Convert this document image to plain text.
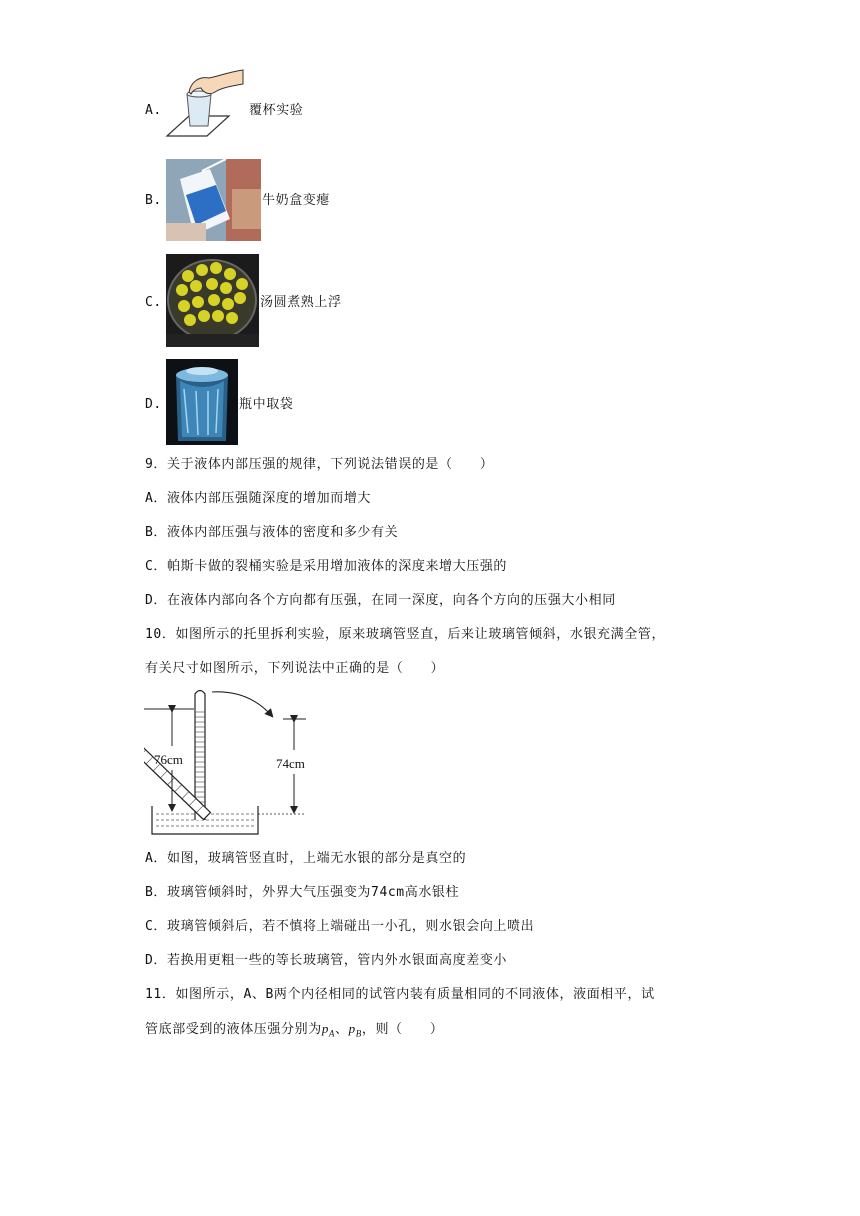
A.	覆杯实验
B.	牛奶盒变瘪
C.	汤圆煮熟上浮
D.	瓶中取袋
9．关于液体内部压强的规律，下列说法错误的是（　　）
A．液体内部压强随深度的增加而增大
B．液体内部压强与液体的密度和多少有关
C．帕斯卡做的裂桶实验是采用增加液体的深度来增大压强的
D．在液体内部向各个方向都有压强，在同一深度，向各个方向的压强大小相同
10．如图所示的托里拆利实验，原来玻璃管竖直，后来让玻璃管倾斜，水银充满全管，
有关尺寸如图所示，下列说法中正确的是（　　）
76cm	74cm
A．如图，玻璃管竖直时，上端无水银的部分是真空的
B．玻璃管倾斜时，外界大气压强变为74cm高水银柱
C．玻璃管倾斜后，若不慎将上端碰出一小孔，则水银会向上喷出
D．若换用更粗一些的等长玻璃管，管内外水银面高度差变小
11．如图所示，A、B两个内径相同的试管内装有质量相同的不同液体，液面相平，试
管底部受到的液体压强分别为$p_A$、$p_B$，则（　　）
